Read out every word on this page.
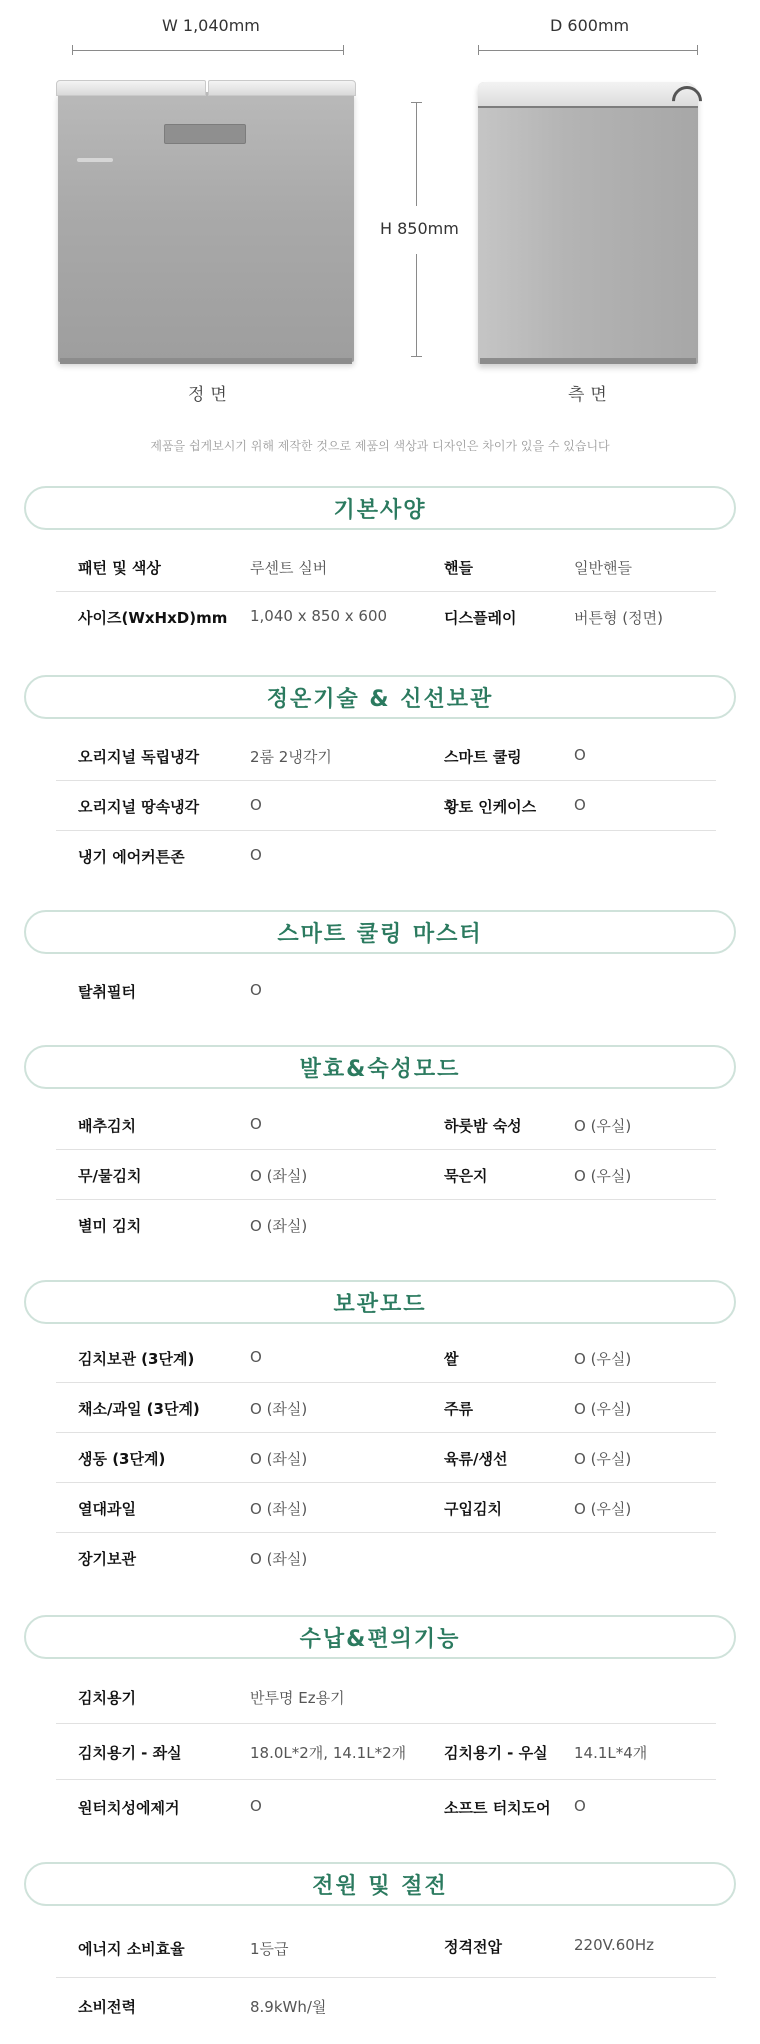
W 1,040mm	D 600mm
H 850mm
정면	측면
제품을 쉽게보시기 위해 제작한 것으로 제품의 색상과 디자인은 차이가 있을 수 있습니다
기본사양
패턴 및 색상	루센트 실버	핸들	일반핸들
사이즈(WxHxD)mm 1,040 x 850 x 600	디스플레이	버튼형 (정면)
정온기술 & 신선보관
오리지널 독립냉각	2룸 2냉각기	스마트 쿨링	O
오리지널 땅속냉각	O	황토 인케이스	O
냉기 에어커튼존	O
스마트 쿨링 마스터
탈취필터	O
발효&숙성모드
배추김치	O	하룻밤 숙성	O (우실)
무/물김치	O (좌실)	묵은지	O (우실)
별미 김치	O (좌실)
보관모드
김치보관 (3단계)	O	쌀	O (우실)
채소/과일 (3단계)	O (좌실)	주류	O (우실)
생동 (3단계)	O (좌실)	육류/생선	O (우실)
열대과일	O (좌실)	구입김치	O (우실)
장기보관	O (좌실)
수납&편의기능
김치용기	반투명 Ez용기
김치용기 - 좌실	18.0L*2개, 14.1L*2개	김치용기 - 우실 14.1L*4개
원터치성에제거	O	소프트 터치도어 O
전원 및 절전
에너지 소비효율	1등급	정격전압	220V.60Hz
소비전력	8.9kWh/월
